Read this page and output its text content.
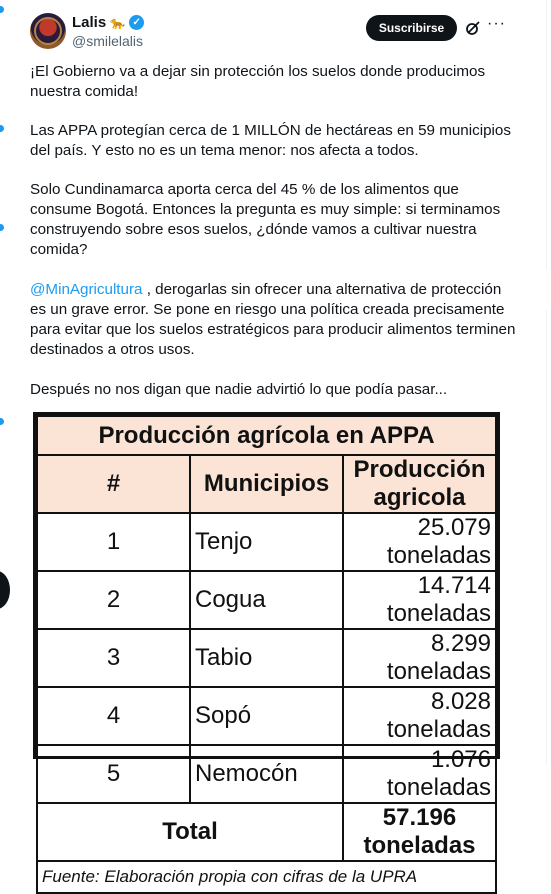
Lalis 🐆 ✓
@smilelalis
Suscribirse	···
¡El Gobierno va a dejar sin protección los suelos donde producimos nuestra comida!
Las APPA protegían cerca de 1 MILLÓN de hectáreas en 59 municipios del país. Y esto no es un tema menor: nos afecta a todos.
Solo Cundinamarca aporta cerca del 45 % de los alimentos que consume Bogotá. Entonces la pregunta es muy simple: si terminamos construyendo sobre esos suelos, ¿dónde vamos a cultivar nuestra comida?
@MinAgricultura , derogarlas sin ofrecer una alternativa de protección es un grave error. Se pone en riesgo una política creada precisamente para evitar que los suelos estratégicos para producir alimentos terminen destinados a otros usos.
Después no nos digan que nadie advirtió lo que podía pasar...
Producción agrícola en APPA		
#	Municipios	Producción agricola
1	Tenjo	25.079 toneladas
2	Cogua	14.714 toneladas
3	Tabio	8.299 toneladas
4	Sopó	8.028 toneladas
5	Nemocón	1.076 toneladas
Total		57.196 toneladas
Fuente: Elaboración propia con cifras de la UPRA		
